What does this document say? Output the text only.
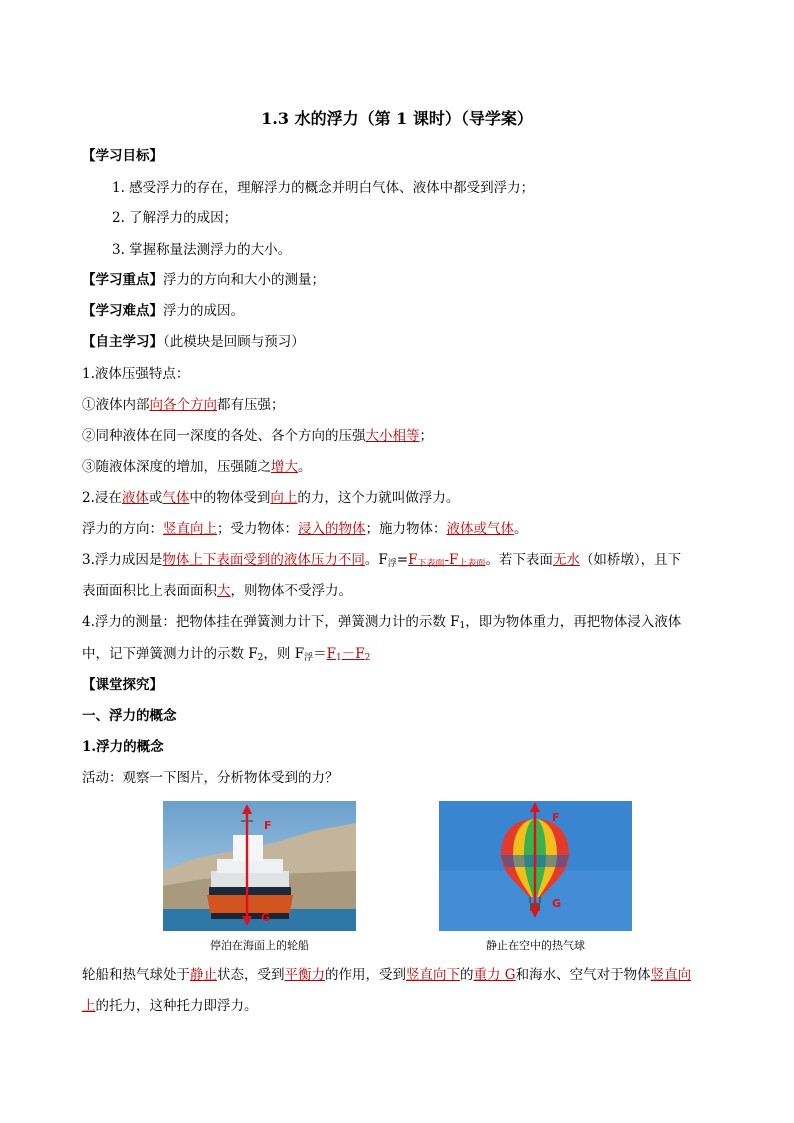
1.3 水的浮力（第 1 课时）（导学案）
【学习目标】
1. 感受浮力的存在，理解浮力的概念并明白气体、液体中都受到浮力；
2. 了解浮力的成因；
3. 掌握称量法测浮力的大小。
【学习重点】浮力的方向和大小的测量；
【学习难点】浮力的成因。
【自主学习】（此模块是回顾与预习）
1.液体压强特点：
①液体内部向各个方向都有压强；
②同种液体在同一深度的各处、各个方向的压强大小相等；
③随液体深度的增加，压强随之增大。
2.浸在液体或气体中的物体受到向上的力，这个力就叫做浮力。
浮力的方向：竖直向上；受力物体：浸入的物体；施力物体：液体或气体。
3.浮力成因是物体上下表面受到的液体压力不同。$F_浮=F_{下表面}-F_{上表面}$。若下表面无水（如桥墩），且下
表面面积比上表面面积大，则物体不受浮力。
4.浮力的测量：把物体挂在弹簧测力计下，弹簧测力计的示数 $F_1$，即为物体重力，再把物体浸入液体
中，记下弹簧测力计的示数 $F_2$，则 $F_浮=F_1-F_2$
【课堂探究】
一、浮力的概念
1.浮力的概念
活动：观察一下图片，分析物体受到的力？
F
G
停泊在海面上的轮船
F
G
静止在空中的热气球
轮船和热气球处于静止状态，受到平衡力的作用，受到竖直向下的重力 G和海水、空气对于物体竖直向
上的托力，这种托力即浮力。
